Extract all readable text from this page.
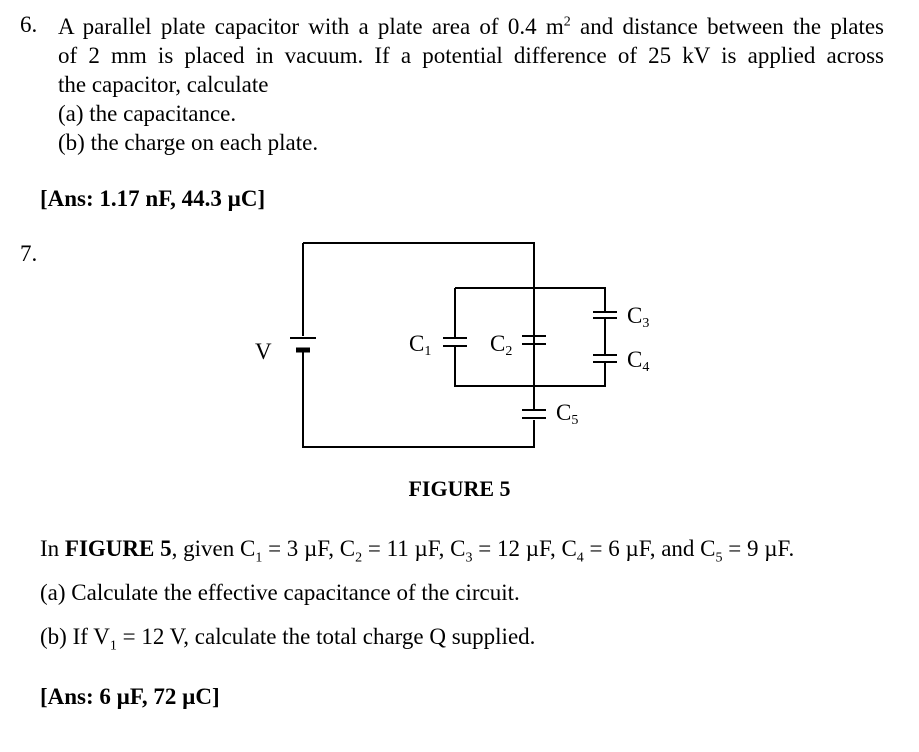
6. A parallel plate capacitor with a plate area of 0.4 $m^2$ and distance between the plates
of 2 mm is placed in vacuum. If a potential difference of 25 kV is applied across
the capacitor, calculate
(a) the capacitance.
(b) the charge on each plate.
[Ans: 1.17 nF, 44.3 µC]
7.
V	C1	C2
C3
C4
C5
FIGURE 5
In FIGURE 5, given $C_1 = 3$ µF, $C_2 = 11$ µF, $C_3 = 12$ µF, $C_4 = 6$ µF, and $C_5 = 9$ µF.
(a) Calculate the effective capacitance of the circuit.
(b) If $V_1 = 12$ V, calculate the total charge Q supplied.
[Ans: 6 µF, 72 µC]
